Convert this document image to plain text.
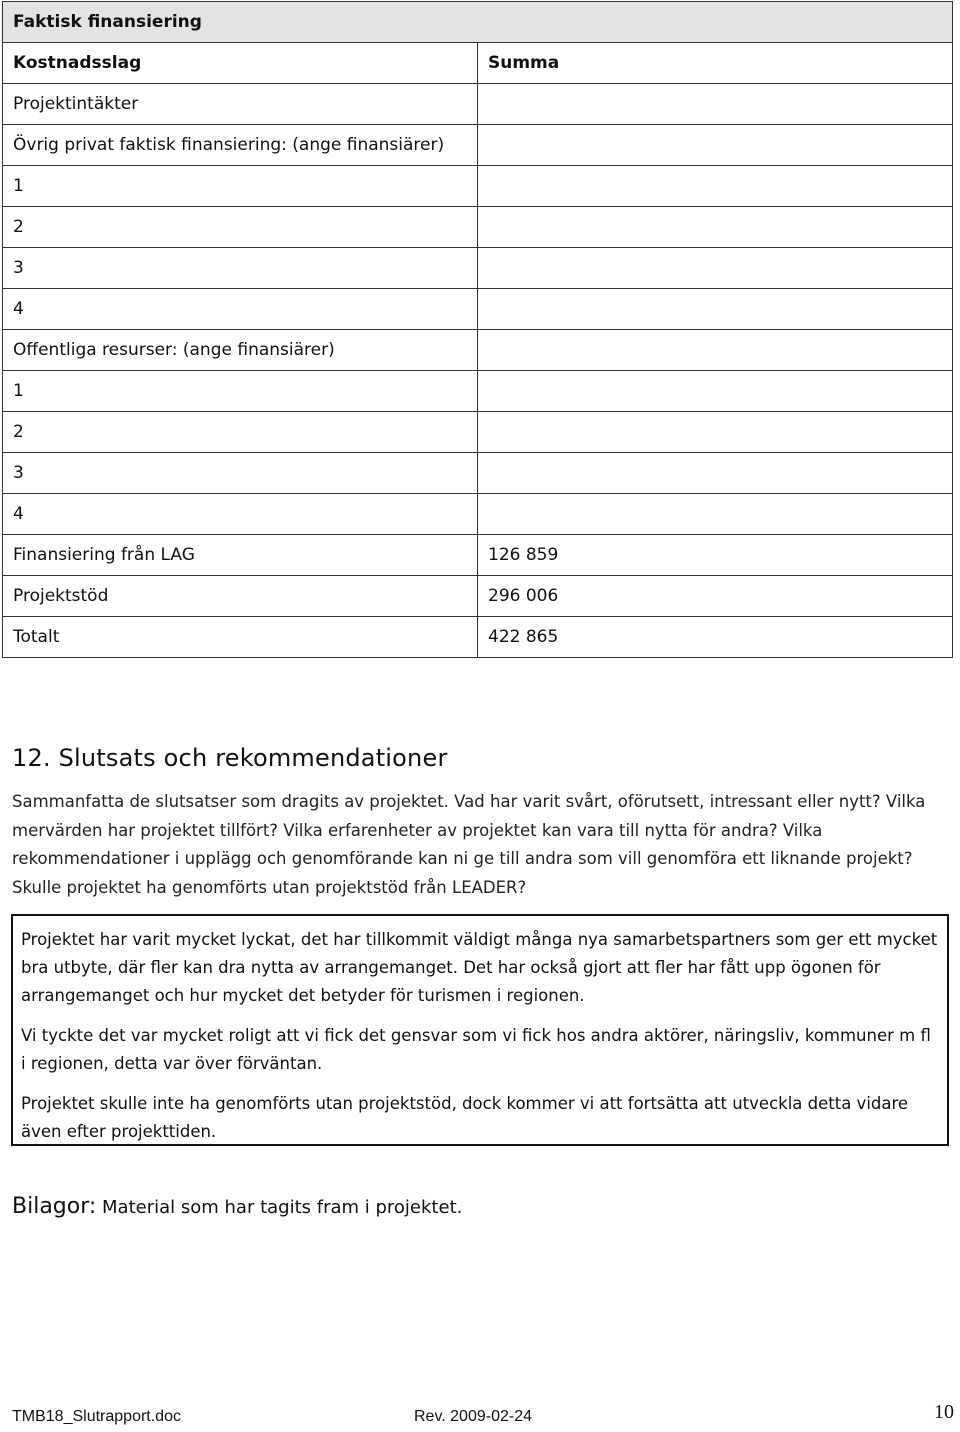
Faktisk finansiering	
Kostnadsslag	Summa
Projektintäkter	
Övrig privat faktisk finansiering: (ange finansiärer)	
1	
2	
3	
4	
Offentliga resurser: (ange finansiärer)	
1	
2	
3	
4	
Finansiering från LAG	126 859
Projektstöd	296 006
Totalt	422 865
12. Slutsats och rekommendationer

Sammanfatta de slutsatser som dragits av projektet. Vad har varit svårt, oförutsett, intressant eller nytt? Vilka mervärden har projektet tillfört? Vilka erfarenheter av projektet kan vara till nytta för andra? Vilka rekommendationer i upplägg och genomförande kan ni ge till andra som vill genomföra ett liknande projekt? Skulle projektet ha genomförts utan projektstöd från LEADER?

Projektet har varit mycket lyckat, det har tillkommit väldigt många nya samarbetspartners som ger ett mycket bra utbyte, där fler kan dra nytta av arrangemanget. Det har också gjort att fler har fått upp ögonen för arrangemanget och hur mycket det betyder för turismen i regionen.

Vi tyckte det var mycket roligt att vi fick det gensvar som vi fick hos andra aktörer, näringsliv, kommuner m fl i regionen, detta var över förväntan.

Projektet skulle inte ha genomförts utan projektstöd, dock kommer vi att fortsätta att utveckla detta vidare även efter projekttiden.

Bilagor: Material som har tagits fram i projektet.
TMB18_Slutrapport.doc	Rev. 2009-02-24	10
